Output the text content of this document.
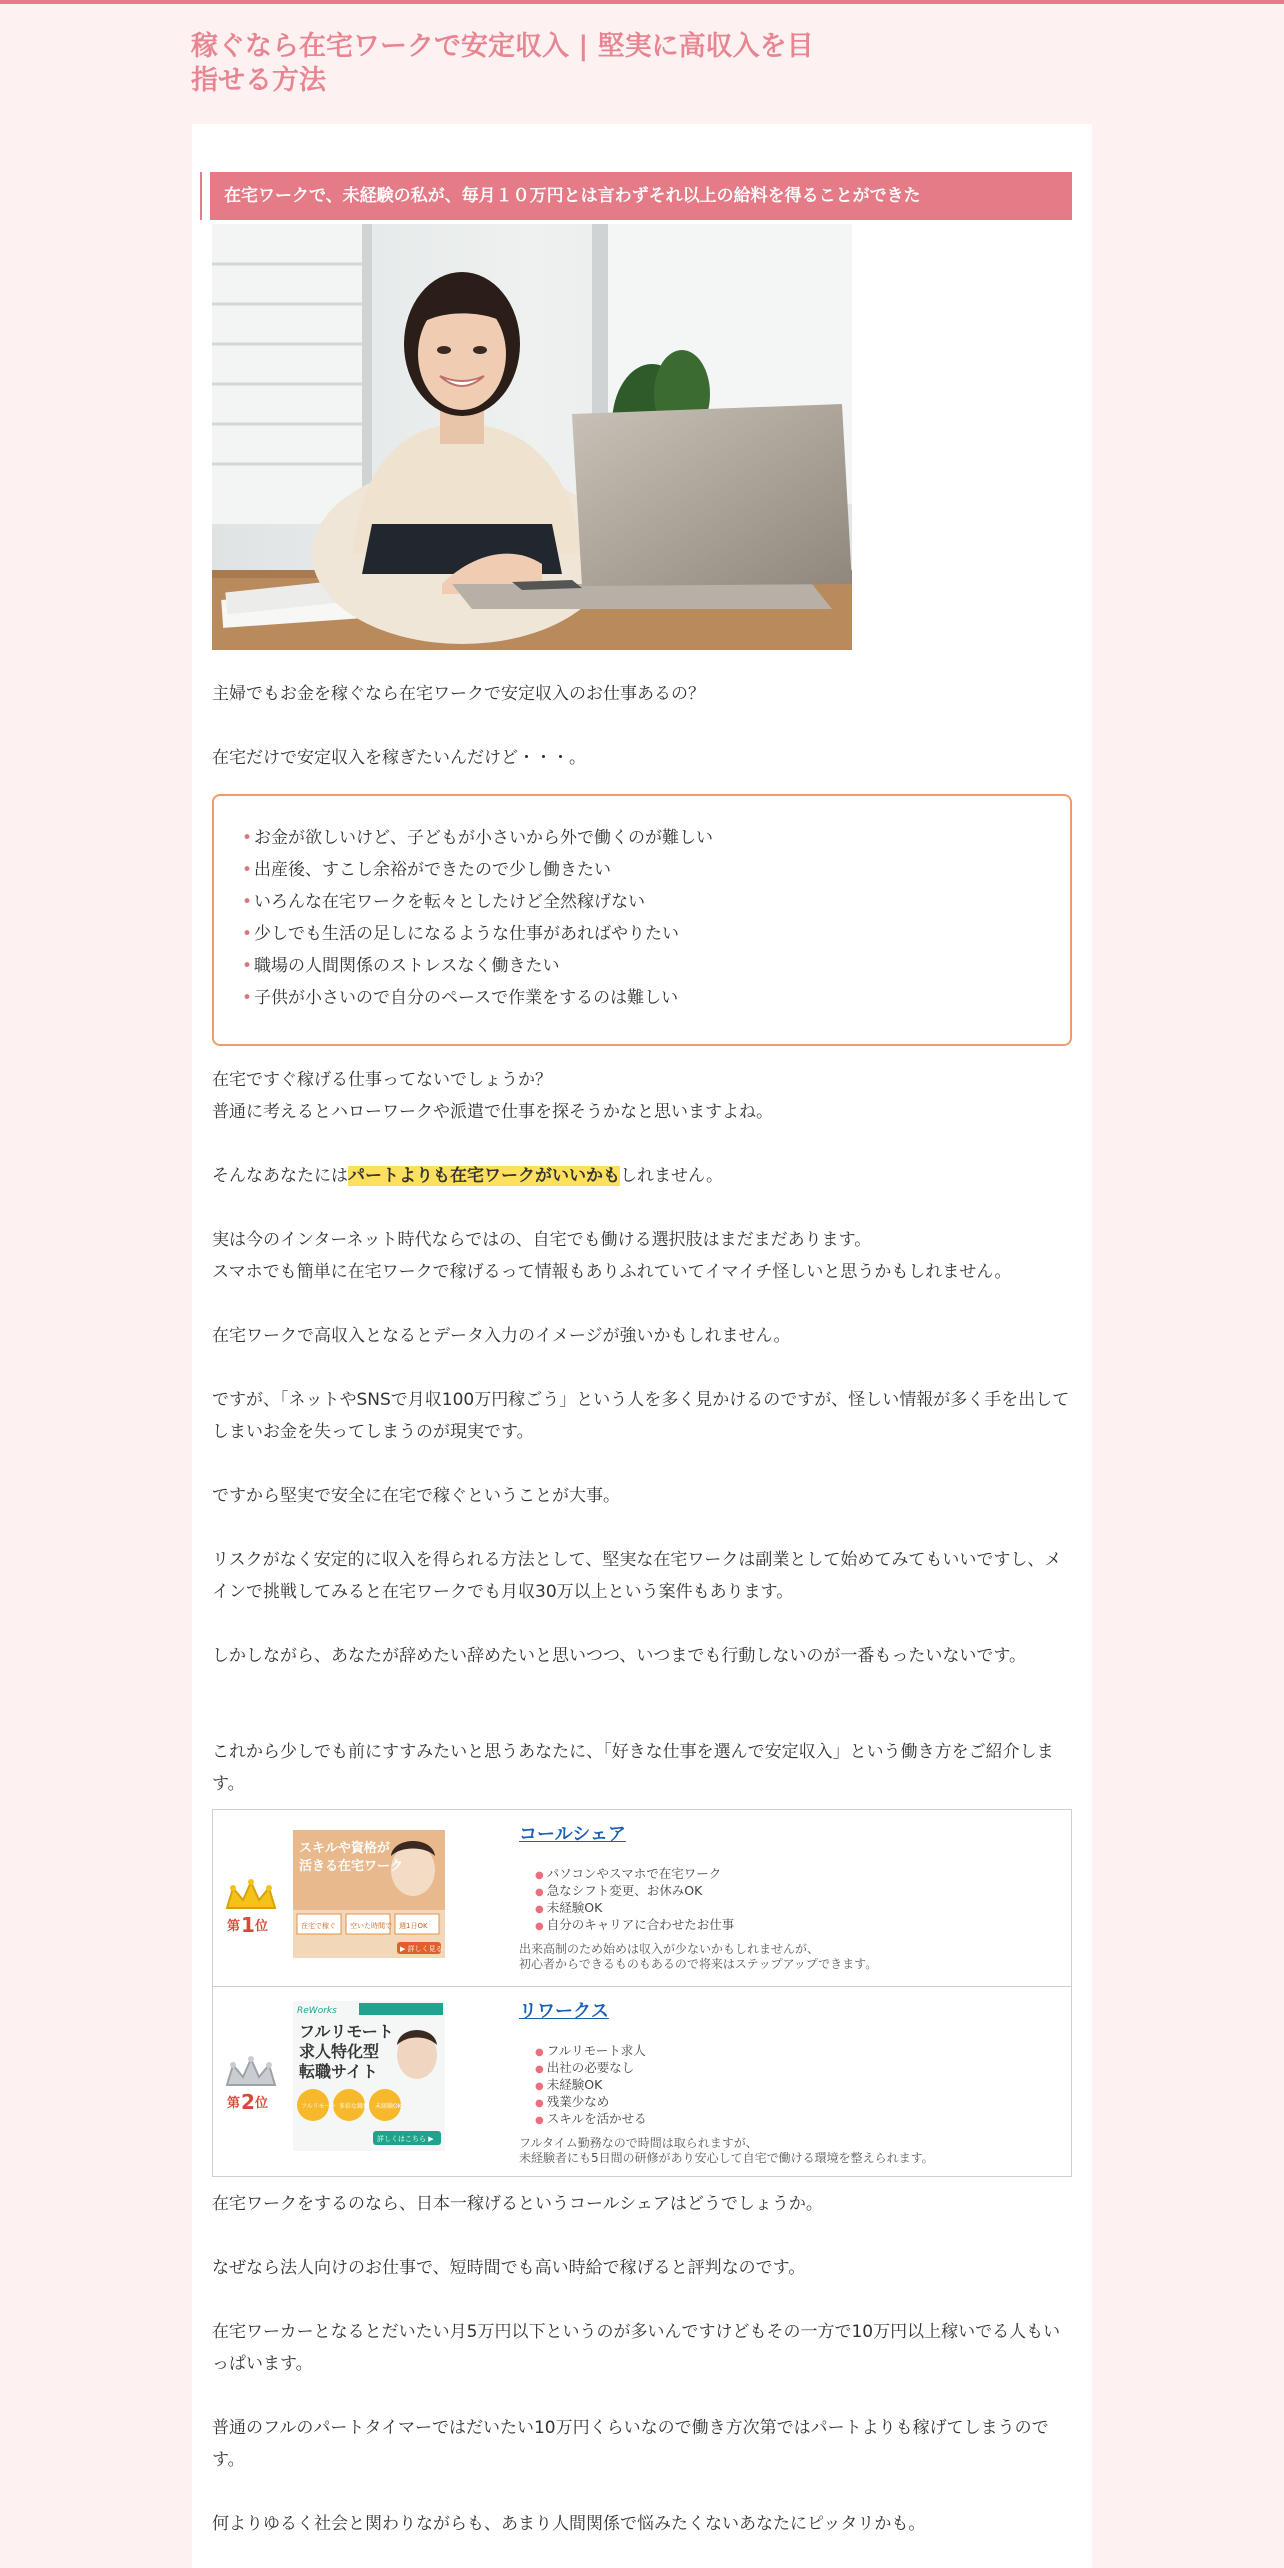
稼ぐなら在宅ワークで安定収入 | 堅実に高収入を目指せる方法
在宅ワークで、未経験の私が、毎月１０万円とは言わずそれ以上の給料を得ることができた

主婦でもお金を稼ぐなら在宅ワークで安定収入のお仕事あるの？

在宅だけで安定収入を稼ぎたいんだけど・・・。

• お金が欲しいけど、子どもが小さいから外で働くのが難しい
• 出産後、すこし余裕ができたので少し働きたい
• いろんな在宅ワークを転々としたけど全然稼げない
• 少しでも生活の足しになるような仕事があればやりたい
• 職場の人間関係のストレスなく働きたい
• 子供が小さいので自分のペースで作業をするのは難しい
在宅ですぐ稼げる仕事ってないでしょうか？
普通に考えるとハローワークや派遣で仕事を探そうかなと思いますよね。

そんなあなたにはパートよりも在宅ワークがいいかもしれません。

実は今のインターネット時代ならではの、自宅でも働ける選択肢はまだまだあります。
スマホでも簡単に在宅ワークで稼げるって情報もありふれていてイマイチ怪しいと思うかもしれません。

在宅ワークで高収入となるとデータ入力のイメージが強いかもしれません。

ですが、「ネットやSNSで月収100万円稼ごう」という人を多く見かけるのですが、怪しい情報が多く手を出してしまいお金を失ってしまうのが現実です。

ですから堅実で安全に在宅で稼ぐということが大事。

リスクがなく安定的に収入を得られる方法として、堅実な在宅ワークは副業として始めてみてもいいですし、メインで挑戦してみると在宅ワークでも月収30万以上という案件もあります。

しかしながら、あなたが辞めたい辞めたいと思いつつ、いつまでも行動しないのが一番もったいないです。

これから少しでも前にすすみたいと思うあなたに、「好きな仕事を選んで安定収入」という働き方をご紹介します。

第 1 位
スキルや資格が
活きる在宅ワーク
在宅で稼ぐ 空いた時間で 週1日OK
▶ 詳しく見る
コールシェア
● パソコンやスマホで在宅ワーク
● 急なシフト変更、お休みOK
● 未経験OK
● 自分のキャリアに合わせたお仕事
出来高制のため始めは収入が少ないかもしれませんが、
初心者からできるものもあるので将来はステップアップできます。
第 2 位
ReWorks
フルリモート
求人特化型
転職サイト
フルリモート 多彩な職種 未経験OK
詳しくはこちら ▶
リワークス
● フルリモート求人
● 出社の必要なし
● 未経験OK
● 残業少なめ
● スキルを活かせる
フルタイム勤務なので時間は取られますが、
未経験者にも5日間の研修があり安心して自宅で働ける環境を整えられます。

在宅ワークをするのなら、日本一稼げるというコールシェアはどうでしょうか。

なぜなら法人向けのお仕事で、短時間でも高い時給で稼げると評判なのです。

在宅ワーカーとなるとだいたい月5万円以下というのが多いんですけどもその一方で10万円以上稼いでる人もいっぱいます。

普通のフルのパートタイマーではだいたい10万円くらいなので働き方次第ではパートよりも稼げてしまうのです。

何よりゆるく社会と関わりながらも、あまり人間関係で悩みたくないあなたにピッタリかも。
